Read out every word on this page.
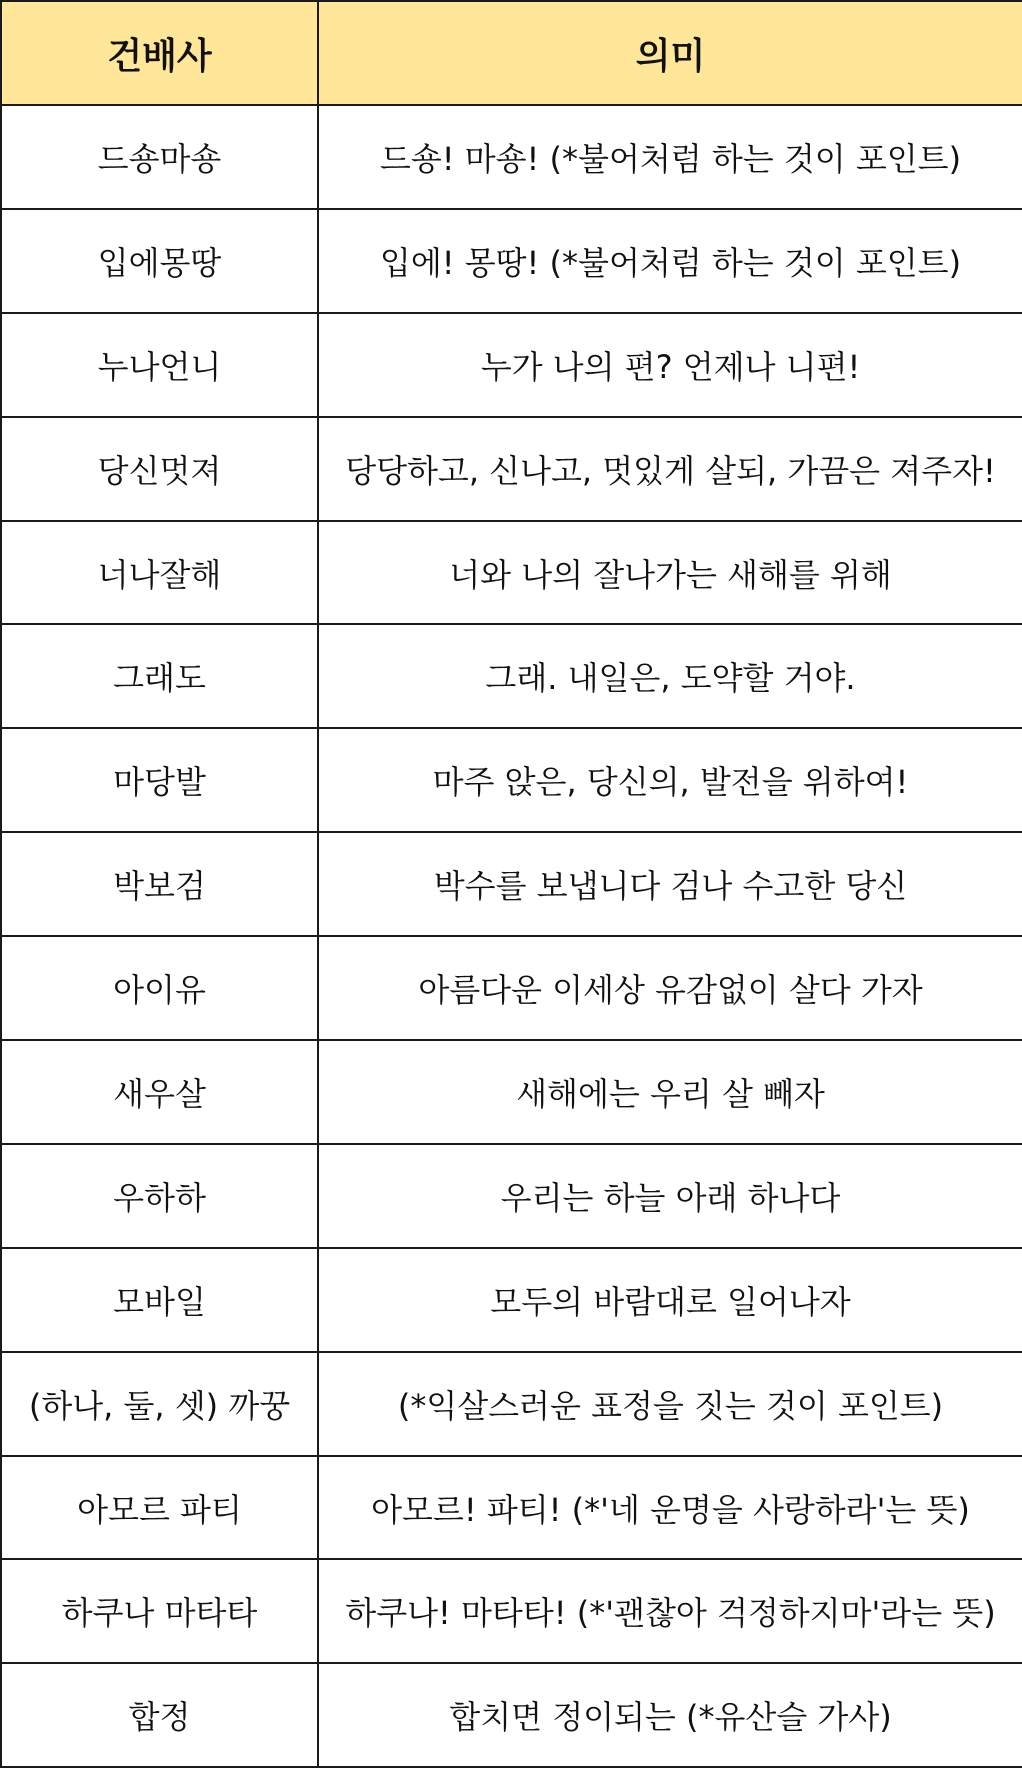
건배사	의미
드숑마숑	드숑! 마숑! (*불어처럼 하는 것이 포인트)
입에몽땅	입에! 몽땅! (*불어처럼 하는 것이 포인트)
누나언니	누가 나의 편? 언제나 니편!
당신멋져	당당하고, 신나고, 멋있게 살되, 가끔은 져주자!
너나잘해	너와 나의 잘나가는 새해를 위해
그래도	그래. 내일은, 도약할 거야.
마당발	마주 앉은, 당신의, 발전을 위하여!
박보검	박수를 보냅니다 검나 수고한 당신
아이유	아름다운 이세상 유감없이 살다 가자
새우살	새해에는 우리 살 빼자
우하하	우리는 하늘 아래 하나다
모바일	모두의 바람대로 일어나자
(하나, 둘, 셋) 까꿍	(*익살스러운 표정을 짓는 것이 포인트)
아모르 파티	아모르! 파티! (*'네 운명을 사랑하라'는 뜻)
하쿠나 마타타	하쿠나! 마타타! (*'괜찮아 걱정하지마'라는 뜻)
합정	합치면 정이되는 (*유산슬 가사)
